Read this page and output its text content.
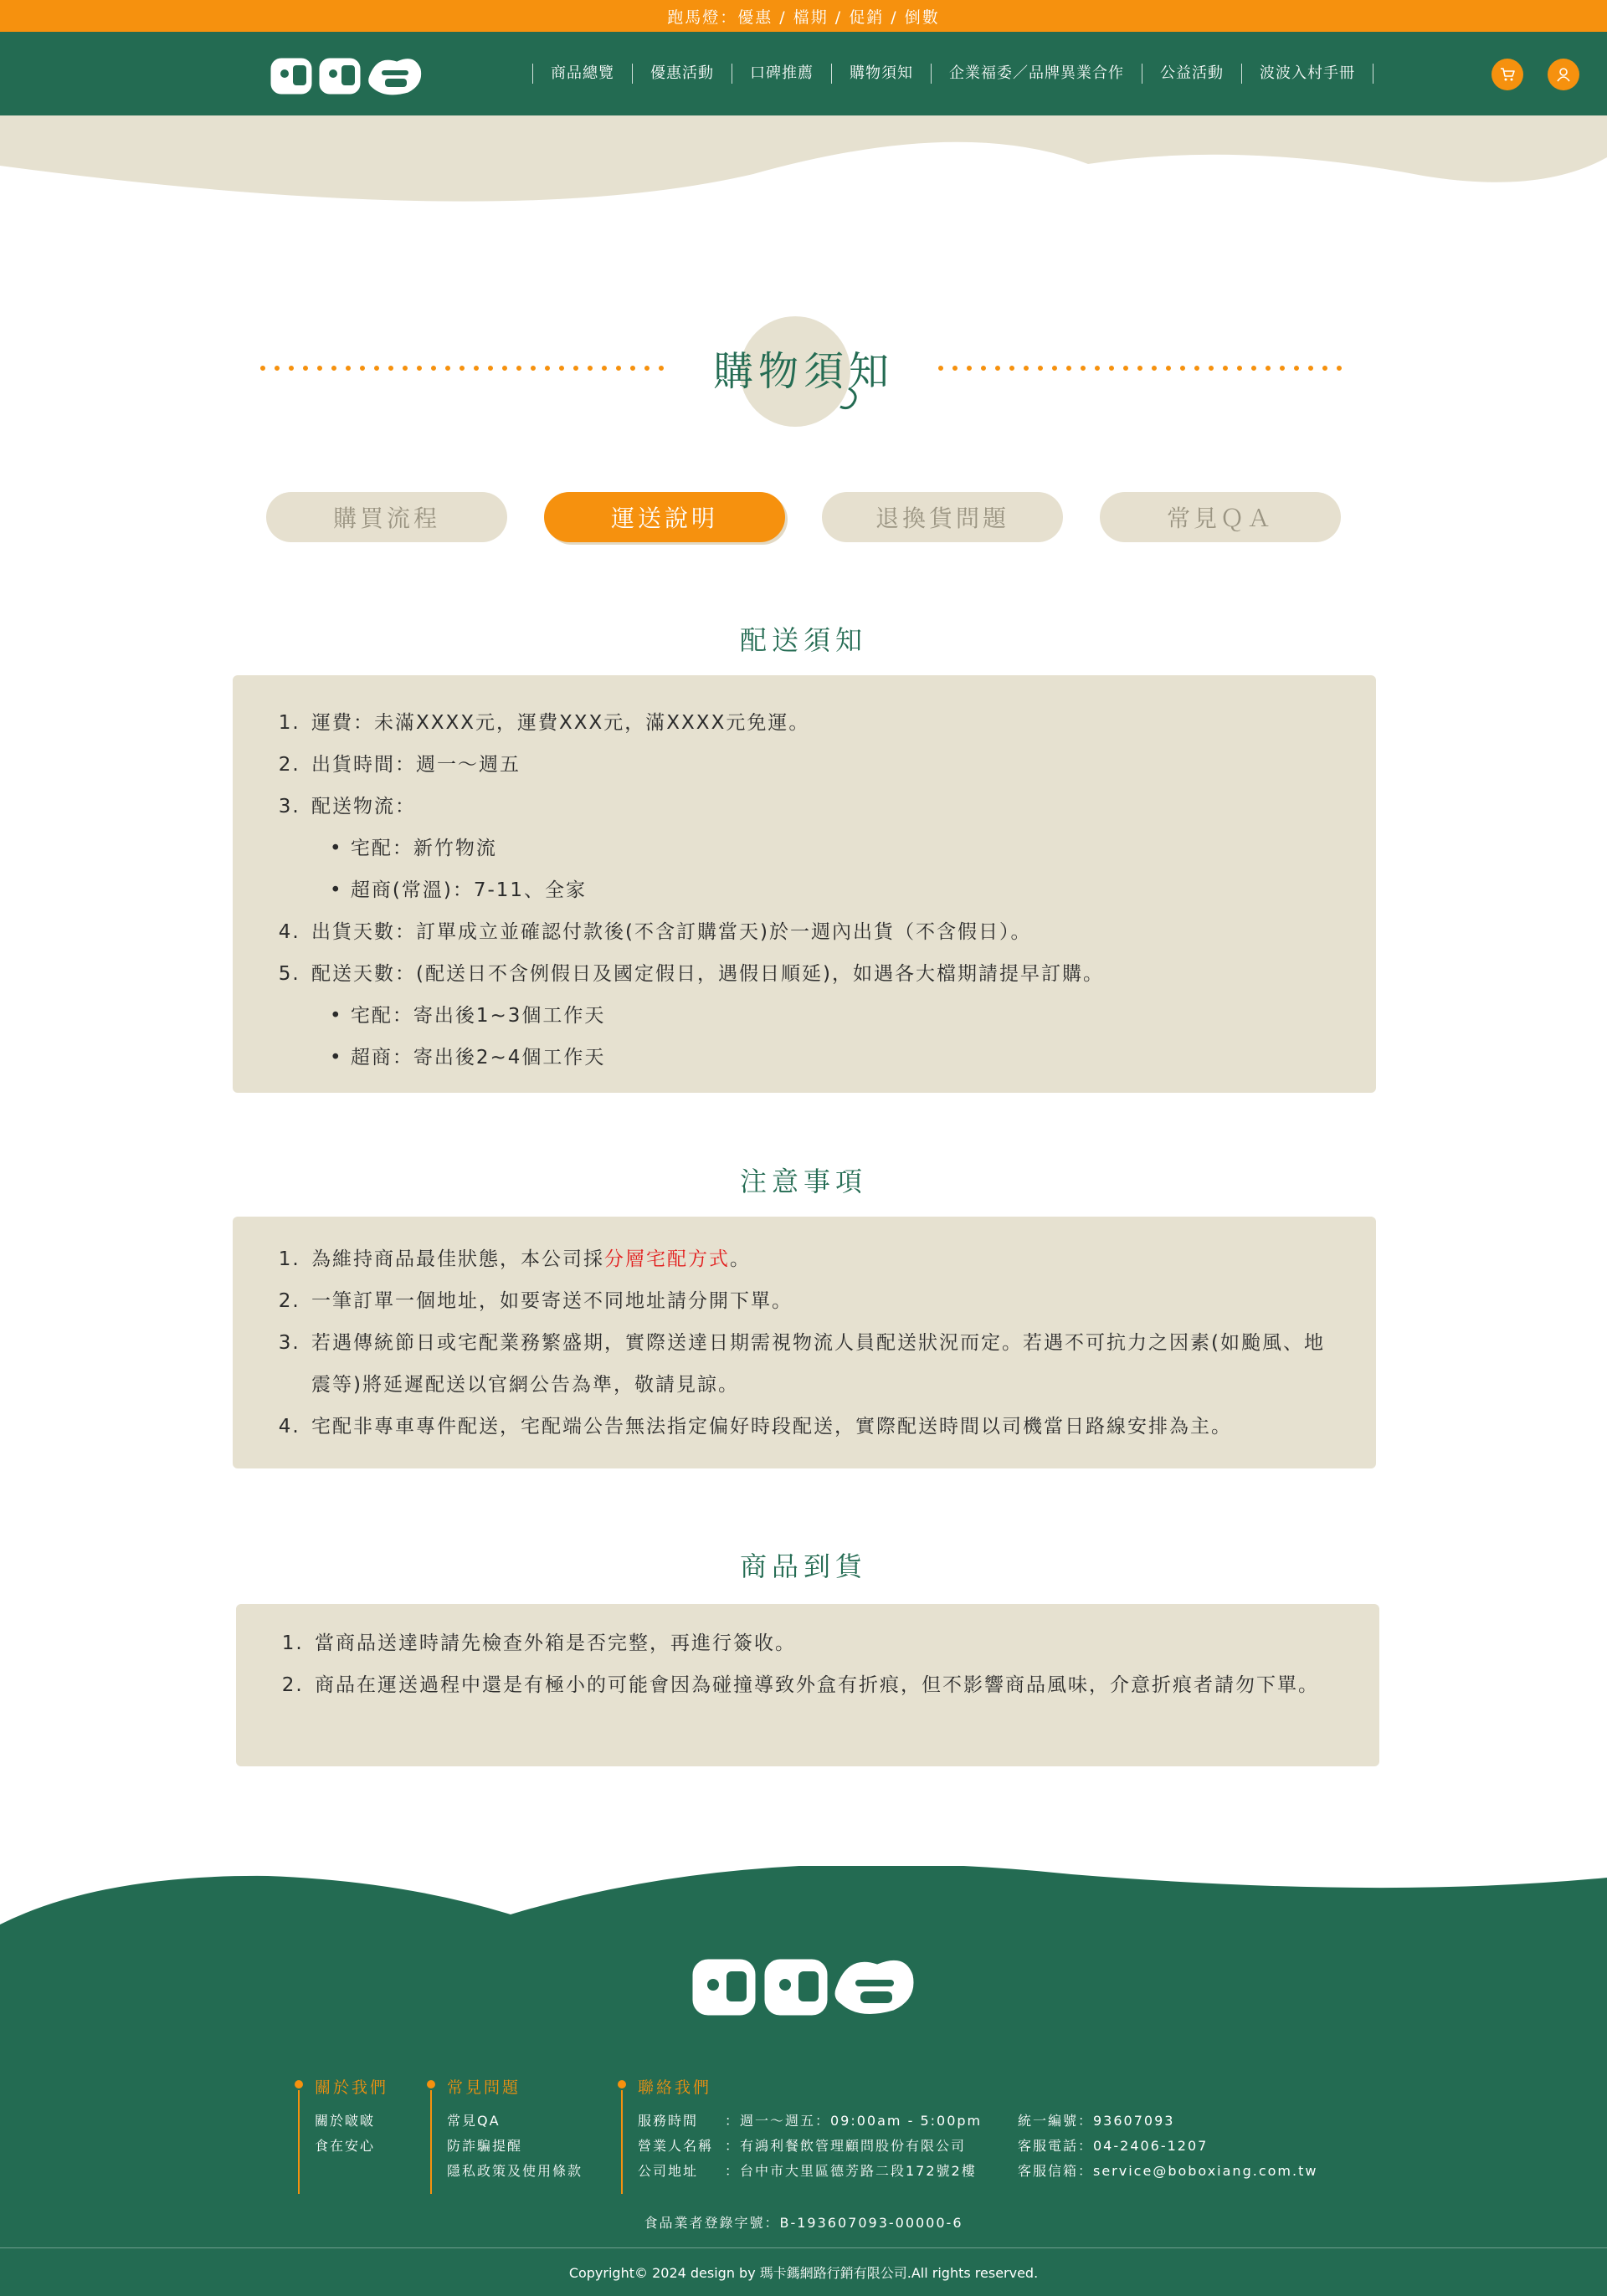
跑馬燈：優惠 / 檔期 / 促銷 / 倒數
商品總覽	優惠活動	口碑推薦	購物須知	企業福委／品牌異業合作	公益活動	波波入村手冊
購物須知
購買流程	運送說明	退換貨問題	常見ＱＡ
配送須知
1. 運費：未滿XXXX元，運費XXX元，滿XXXX元免運。
2. 出貨時間：週一～週五
3. 配送物流：
• 宅配：新竹物流
• 超商(常溫)：7-11、全家
4. 出貨天數：訂單成立並確認付款後(不含訂購當天)於一週內出貨（不含假日）。
5. 配送天數：(配送日不含例假日及國定假日，遇假日順延)，如遇各大檔期請提早訂購。
• 宅配：寄出後1~3個工作天
• 超商：寄出後2~4個工作天
注意事項
1. 為維持商品最佳狀態，本公司採分層宅配方式。
2. 一筆訂單一個地址，如要寄送不同地址請分開下單。
3. 若遇傳統節日或宅配業務繁盛期，實際送達日期需視物流人員配送狀況而定。若遇不可抗力之因素(如颱風、地震等)將延遲配送以官網公告為準，敬請見諒。
4. 宅配非專車專件配送，宅配端公告無法指定偏好時段配送，實際配送時間以司機當日路線安排為主。
商品到貨
1. 當商品送達時請先檢查外箱是否完整，再進行簽收。
2. 商品在運送過程中還是有極小的可能會因為碰撞導致外盒有折痕，但不影響商品風味，介意折痕者請勿下單。
關於我們
關於啵啵
食在安心
常見問題
常見QA
防詐騙提醒
隱私政策及使用條款
聯絡我們
服務時間	：週一～週五：09:00am - 5:00pm	統一編號：93607093
營業人名稱 ：有鴻利餐飲管理顧問股份有限公司	客服電話：04-2406-1207
公司地址	：台中市大里區德芳路二段172號2樓	客服信箱：service@boboxiang.com.tw
食品業者登錄字號：B-193607093-00000-6
Copyright© 2024 design by 瑪卡鎷網路行銷有限公司.All rights reserved.
